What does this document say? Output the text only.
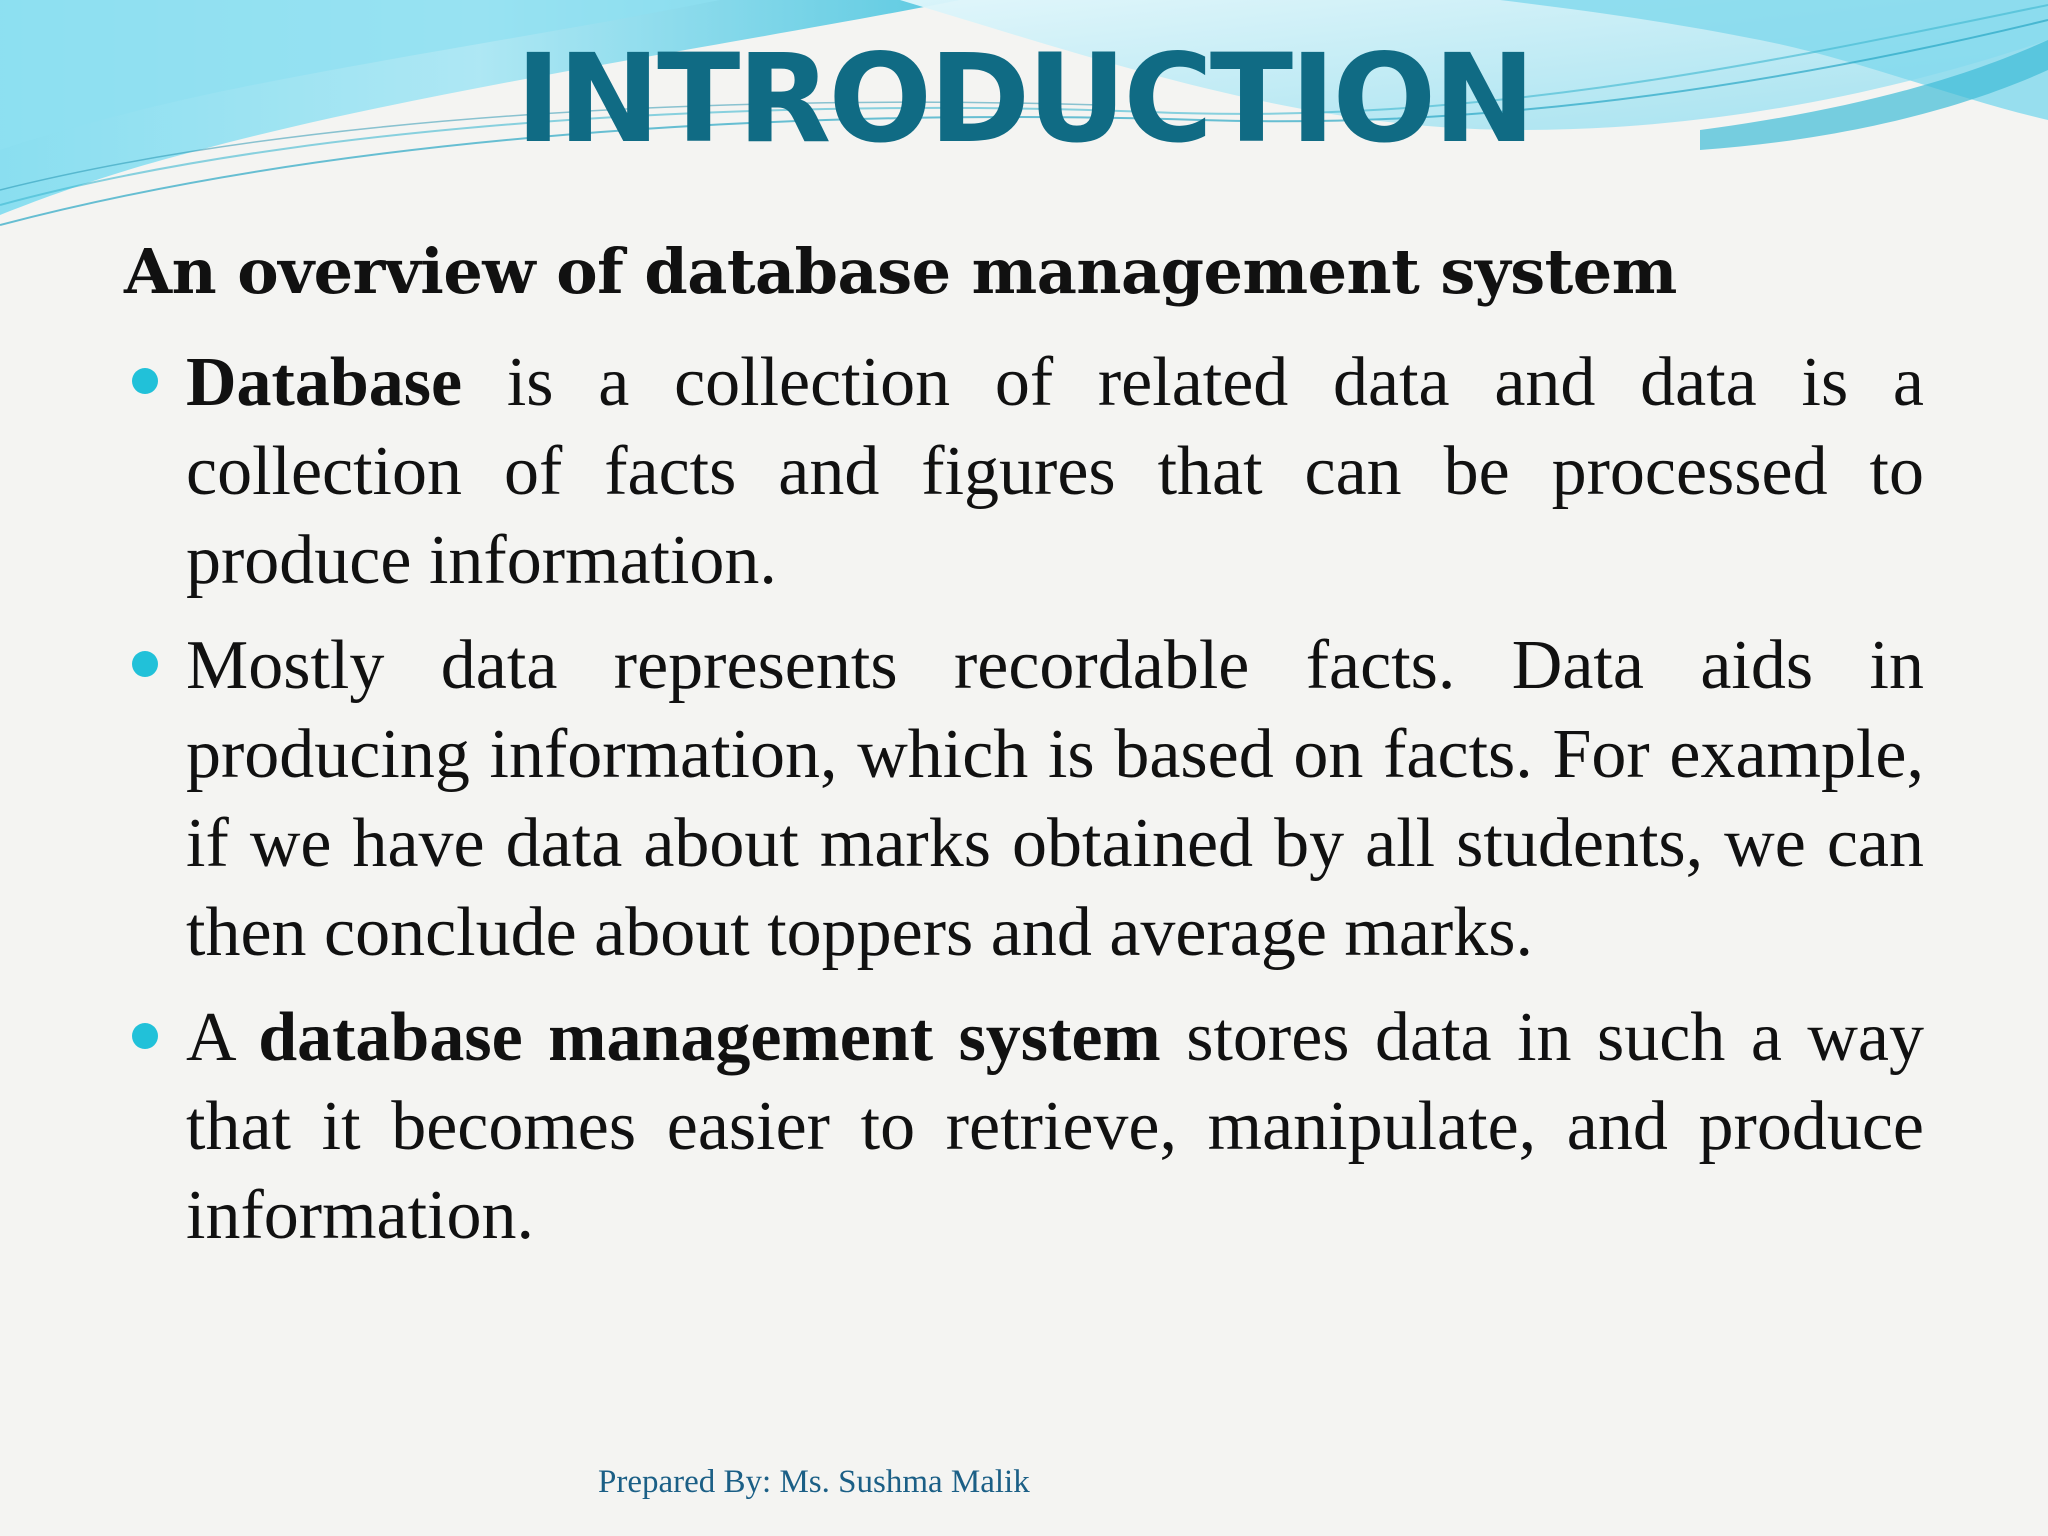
INTRODUCTION

An overview of database management system

Database is a collection of related data and data is a collection of facts and figures that can be processed to produce information.
Mostly data represents recordable facts. Data aids in producing information, which is based on facts. For example, if we have data about marks obtained by all students, we can then conclude about toppers and average marks.
A database management system stores data in such a way that it becomes easier to retrieve, manipulate, and produce information.

Prepared By: Ms. Sushma Malik
